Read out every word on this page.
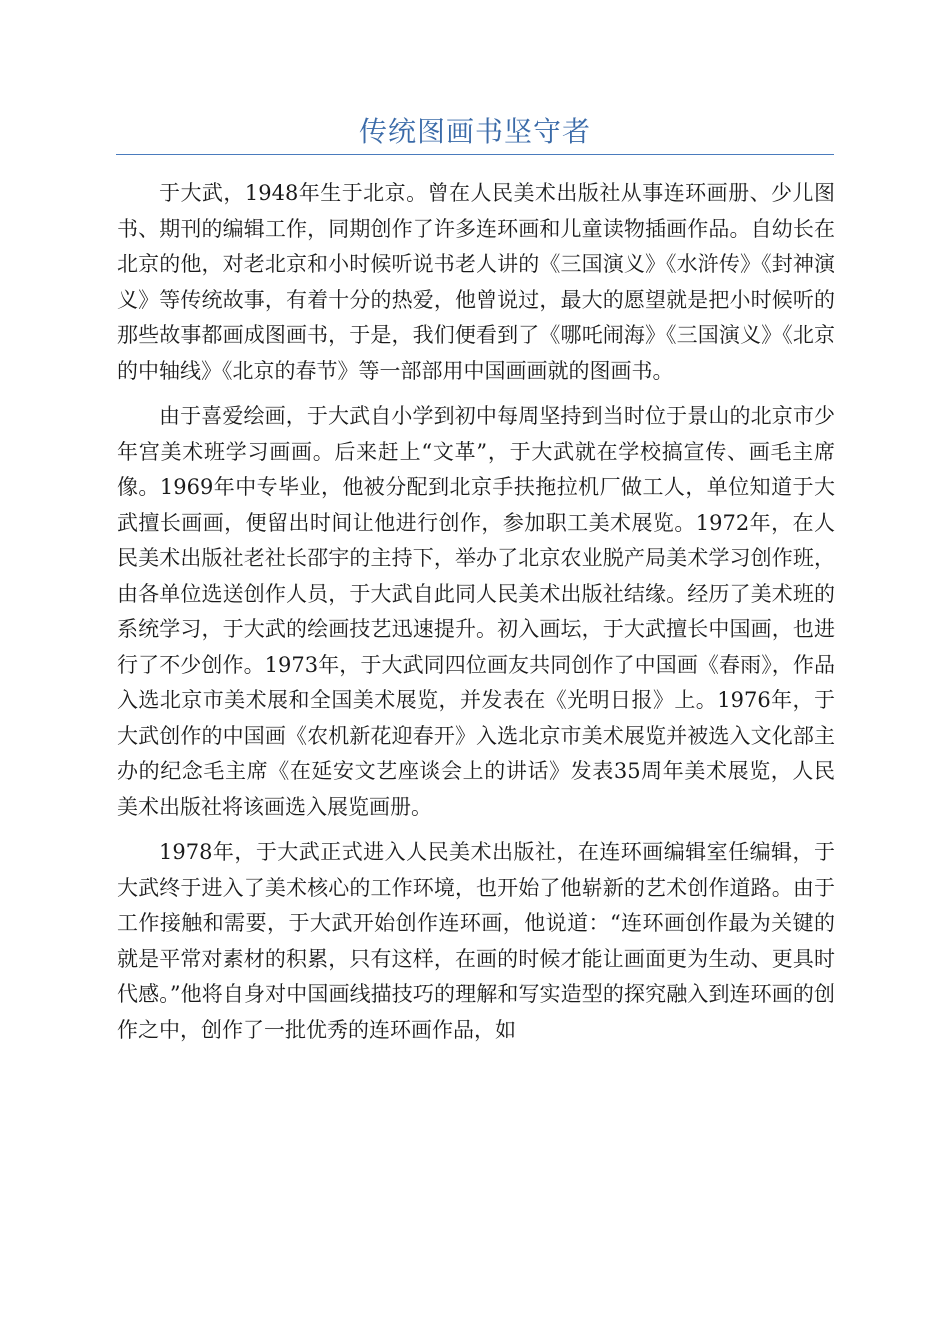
传统图画书坚守者

于大武，1948年生于北京。曾在人民美术出版社从事连环画册、少儿图书、期刊的编辑工作，同期创作了许多连环画和儿童读物插画作品。自幼长在北京的他，对老北京和小时候听说书老人讲的《三国演义》《水浒传》《封神演义》等传统故事，有着十分的热爱，他曾说过，最大的愿望就是把小时候听的那些故事都画成图画书，于是，我们便看到了《哪吒闹海》《三国演义》《北京的中轴线》《北京的春节》等一部部用中国画画就的图画书。

由于喜爱绘画，于大武自小学到初中每周坚持到当时位于景山的北京市少年宫美术班学习画画。后来赶上“文革”，于大武就在学校搞宣传、画毛主席像。1969年中专毕业，他被分配到北京手扶拖拉机厂做工人，单位知道于大武擅长画画，便留出时间让他进行创作，参加职工美术展览。1972年，在人民美术出版社老社长邵宇的主持下，举办了北京农业脱产局美术学习创作班，由各单位选送创作人员，于大武自此同人民美术出版社结缘。经历了美术班的系统学习，于大武的绘画技艺迅速提升。初入画坛，于大武擅长中国画，也进行了不少创作。1973年，于大武同四位画友共同创作了中国画《春雨》，作品入选北京市美术展和全国美术展览，并发表在《光明日报》上。1976年，于大武创作的中国画《农机新花迎春开》入选北京市美术展览并被选入文化部主办的纪念毛主席《在延安文艺座谈会上的讲话》发表35周年美术展览，人民美术出版社将该画选入展览画册。

1978年，于大武正式进入人民美术出版社，在连环画编辑室任编辑，于大武终于进入了美术核心的工作环境，也开始了他崭新的艺术创作道路。由于工作接触和需要，于大武开始创作连环画，他说道：“连环画创作最为关键的就是平常对素材的积累，只有这样，在画的时候才能让画面更为生动、更具时代感。”他将自身对中国画线描技巧的理解和写实造型的探究融入到连环画的创作之中，创作了一批优秀的连环画作品，如
